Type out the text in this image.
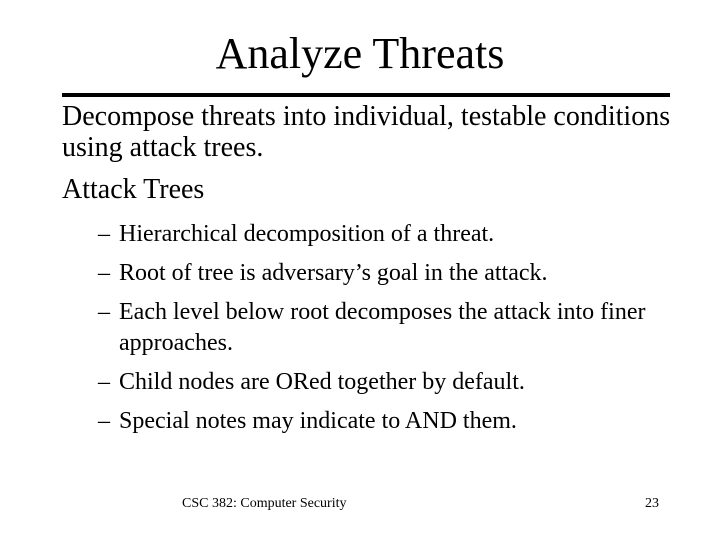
Analyze Threats
Decompose threats into individual, testable conditions using attack trees.
Attack Trees
– Hierarchical decomposition of a threat.
– Root of tree is adversary’s goal in the attack.
– Each level below root decomposes the attack into finer approaches.
– Child nodes are ORed together by default.
– Special notes may indicate to AND them.
CSC 382: Computer Security	23
